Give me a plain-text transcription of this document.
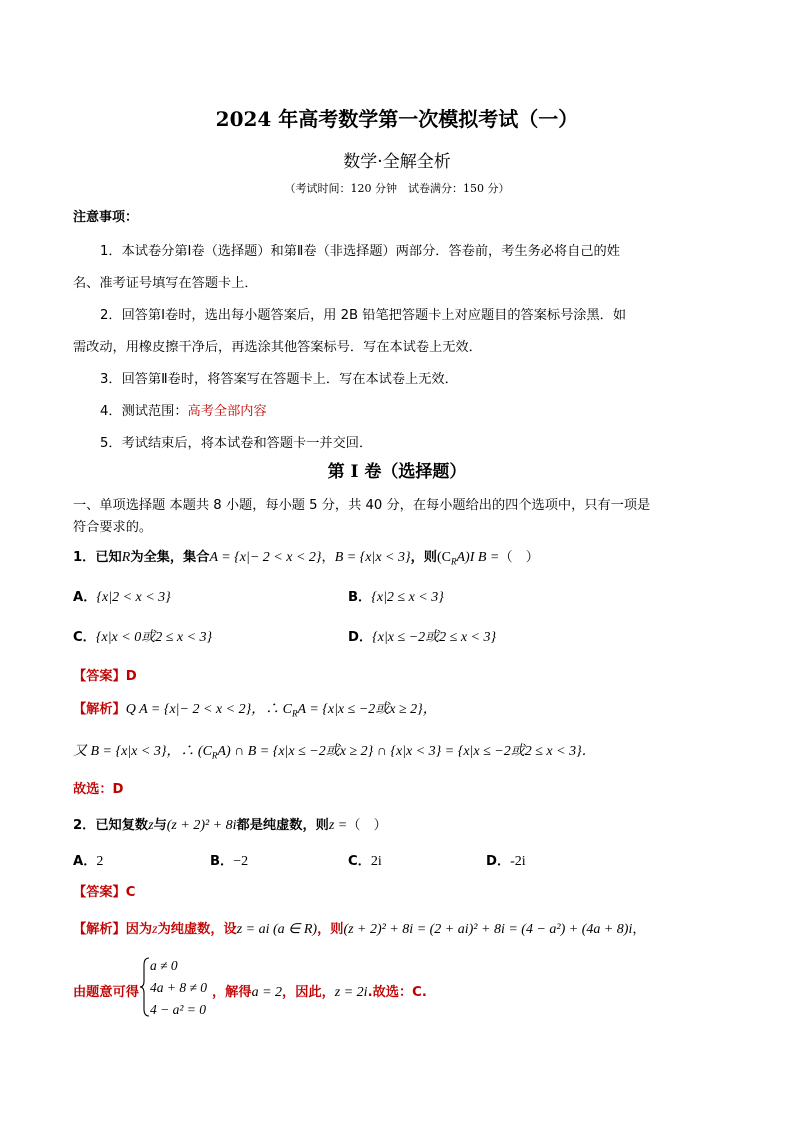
2024 年高考数学第一次模拟考试（一）
数学·全解全析
（考试时间：120 分钟　试卷满分：150 分）
注意事项：
1．本试卷分第Ⅰ卷（选择题）和第Ⅱ卷（非选择题）两部分．答卷前，考生务必将自己的姓
名、准考证号填写在答题卡上．
2．回答第Ⅰ卷时，选出每小题答案后，用 2B 铅笔把答题卡上对应题目的答案标号涂黑．如
需改动，用橡皮擦干净后，再选涂其他答案标号．写在本试卷上无效．
3．回答第Ⅱ卷时，将答案写在答题卡上．写在本试卷上无效．
4．测试范围：高考全部内容
5．考试结束后，将本试卷和答题卡一并交回．
第 I 卷（选择题）
一、单项选择题 本题共 8 小题，每小题 5 分，共 40 分，在每小题给出的四个选项中，只有一项是
符合要求的。
1．已知R为全集，集合A = {x|− 2 < x < 2}，B = {x|x < 3}，则$(C_RA)I$ B =（　）
A．{x|2 < x < 3}	B．{x|2 ≤ x < 3}
C．{x|x < 0或2 ≤ x < 3}	D．{x|x ≤ −2或2 ≤ x < 3}
【答案】D
【解析】Q A = {x|− 2 < x < 2}，∴ $C_RA = \{x|x \le -2$或x ≥ 2}，
又 B = {x|x < 3}，∴ $(C_RA)$ ∩ B = {x|x ≤ −2或x ≥ 2} ∩ {x|x < 3} = {x|x ≤ −2或2 ≤ x < 3}．
故选：D
2．已知复数z与(z + 2)² + 8i都是纯虚数，则z =（　）
A．2	B．−2	C．2i	D．-2i
【答案】C
【解析】因为z为纯虚数，设z = ai (a ∈ R)，则(z + 2)² + 8i = (2 + ai)² + 8i = (4 − a²) + (4a + 8)i，
由题意可得
a ≠ 0
4a + 8 ≠ 0
4 − a² = 0
，解得a = 2，因此，z = 2i.故选：C.
